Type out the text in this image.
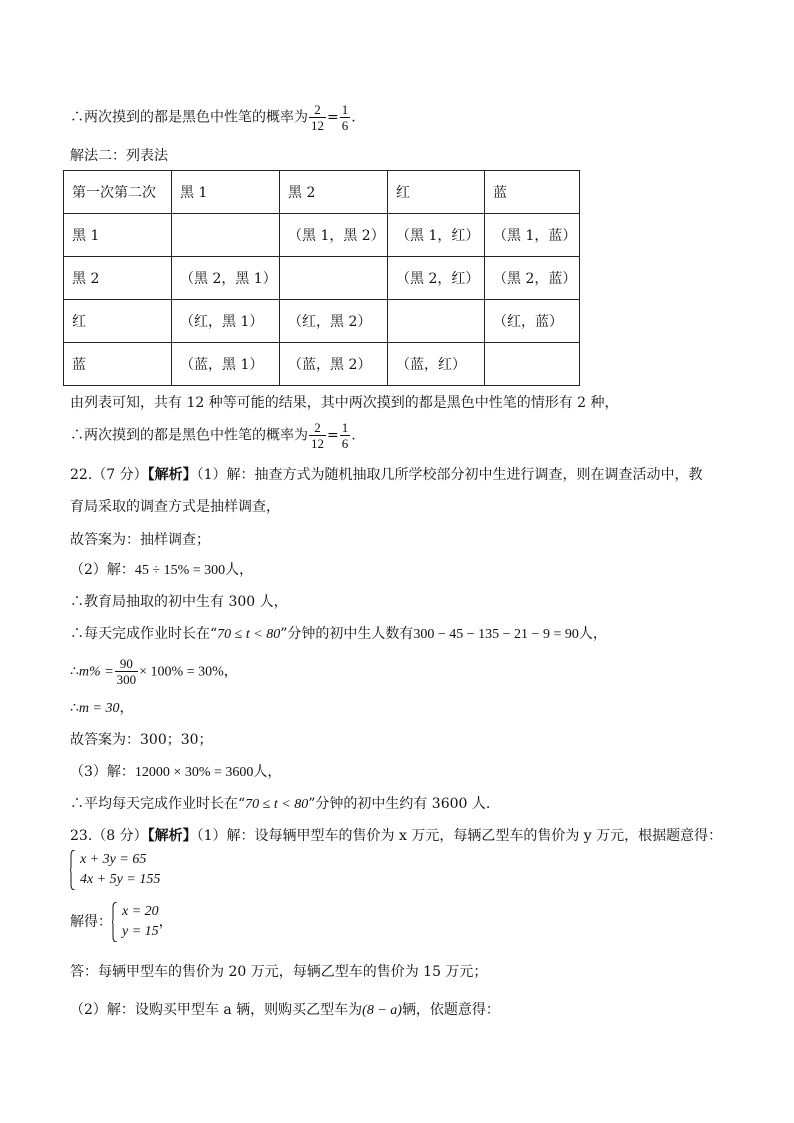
∴两次摸到的都是黑色中性笔的概率为 $\frac{2}{12} = \frac{1}{6}$ .
解法二：列表法
第一次第二次	黑 1	黑 2	红	蓝
黑 1		（黑 1，黑 2）	（黑 1，红）	（黑 1，蓝）
黑 2	（黑 2，黑 1）		（黑 2，红）	（黑 2，蓝）
红	（红，黑 1）	（红，黑 2）		（红，蓝）
蓝	（蓝，黑 1）	（蓝，黑 2）	（蓝，红）	
由列表可知，共有 12 种等可能的结果，其中两次摸到的都是黑色中性笔的情形有 2 种，
∴两次摸到的都是黑色中性笔的概率为 $\frac{2}{12} = \frac{1}{6}$ .
22.（7 分）【解析】（1）解：抽查方式为随机抽取几所学校部分初中生进行调查，则在调查活动中，教
育局采取的调查方式是抽样调查，
故答案为：抽样调查；
（2）解：45 ÷ 15% = 300人，
∴教育局抽取的初中生有 300 人，
∴每天完成作业时长在“70 ≤ t < 80”分钟的初中生人数有300 − 45 − 135 − 21 − 9 = 90人，
∴m% = $\frac{90}{300} \times 100\% = 30\%$，
∴m = 30，
故答案为：300；30；
（3）解：12000 × 30% = 3600人，
∴平均每天完成作业时长在“70 ≤ t < 80”分钟的初中生约有 3600 人.
23.（8 分）【解析】（1）解：设每辆甲型车的售价为 x 万元，每辆乙型车的售价为 y 万元，根据题意得：
x + 3y = 65
4x + 5y = 155
解得：
x = 20
y = 15
，
答：每辆甲型车的售价为 20 万元，每辆乙型车的售价为 15 万元；
（2）解：设购买甲型车 a 辆，则购买乙型车为(8 − a)辆，依题意得：
